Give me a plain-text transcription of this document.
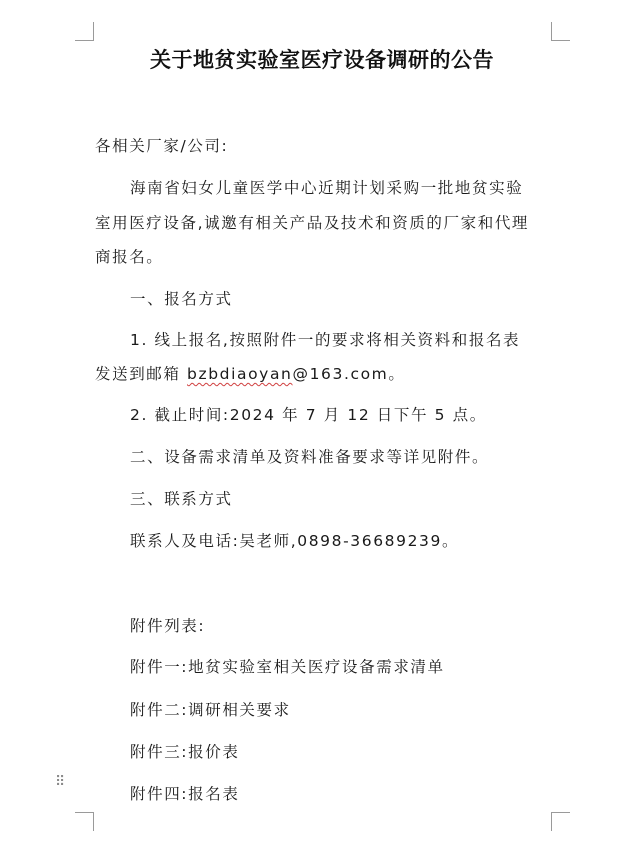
关于地贫实验室医疗设备调研的公告
各相关厂家/公司:
海南省妇女儿童医学中心近期计划采购一批地贫实验
室用医疗设备,诚邀有相关产品及技术和资质的厂家和代理
商报名。
一、报名方式
1. 线上报名,按照附件一的要求将相关资料和报名表
发送到邮箱 bzbdiaoyan@163.com。
2. 截止时间:2024 年 7 月 12 日下午 5 点。
二、设备需求清单及资料准备要求等详见附件。
三、联系方式
联系人及电话:吴老师,0898-36689239。
附件列表:
附件一:地贫实验室相关医疗设备需求清单
附件二:调研相关要求
附件三:报价表
附件四:报名表
⠿
